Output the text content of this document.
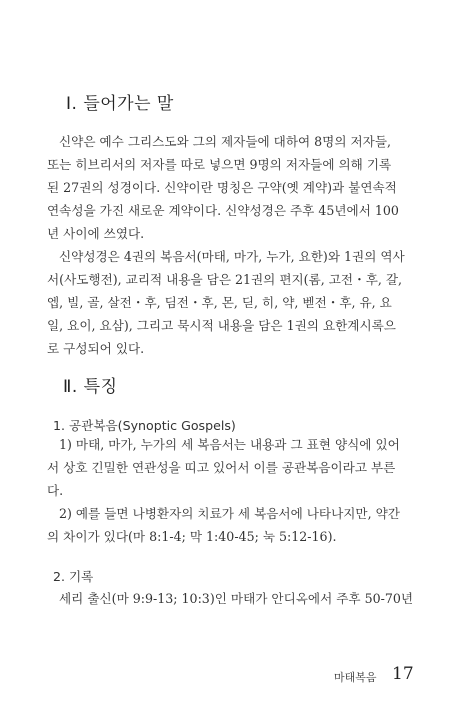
Ⅰ. 들어가는 말
신약은 예수 그리스도와 그의 제자들에 대하여 8명의 저자들,
또는 히브리서의 저자를 따로 넣으면 9명의 저자들에 의해 기록
된 27권의 성경이다. 신약이란 명칭은 구약(옛 계약)과 불연속적
연속성을 가진 새로운 계약이다. 신약성경은 주후 45년에서 100
년 사이에 쓰였다.
신약성경은 4권의 복음서(마태, 마가, 누가, 요한)와 1권의 역사
서(사도행전), 교리적 내용을 담은 21권의 편지(롬, 고전・후, 갈,
엡, 빌, 골, 살전・후, 딤전・후, 몬, 딛, 히, 약, 벧전・후, 유, 요
일, 요이, 요삼), 그리고 묵시적 내용을 담은 1권의 요한계시록으
로 구성되어 있다.
Ⅱ. 특징
1. 공관복음(Synoptic Gospels)
1) 마태, 마가, 누가의 세 복음서는 내용과 그 표현 양식에 있어
서 상호 긴밀한 연관성을 띠고 있어서 이를 공관복음이라고 부른
다.
2) 예를 들면 나병환자의 치료가 세 복음서에 나타나지만, 약간
의 차이가 있다(마 8:1-4; 막 1:40-45; 눅 5:12-16).
2. 기록
세리 출신(마 9:9-13; 10:3)인 마태가 안디옥에서 주후 50-70년
마태복음 17
